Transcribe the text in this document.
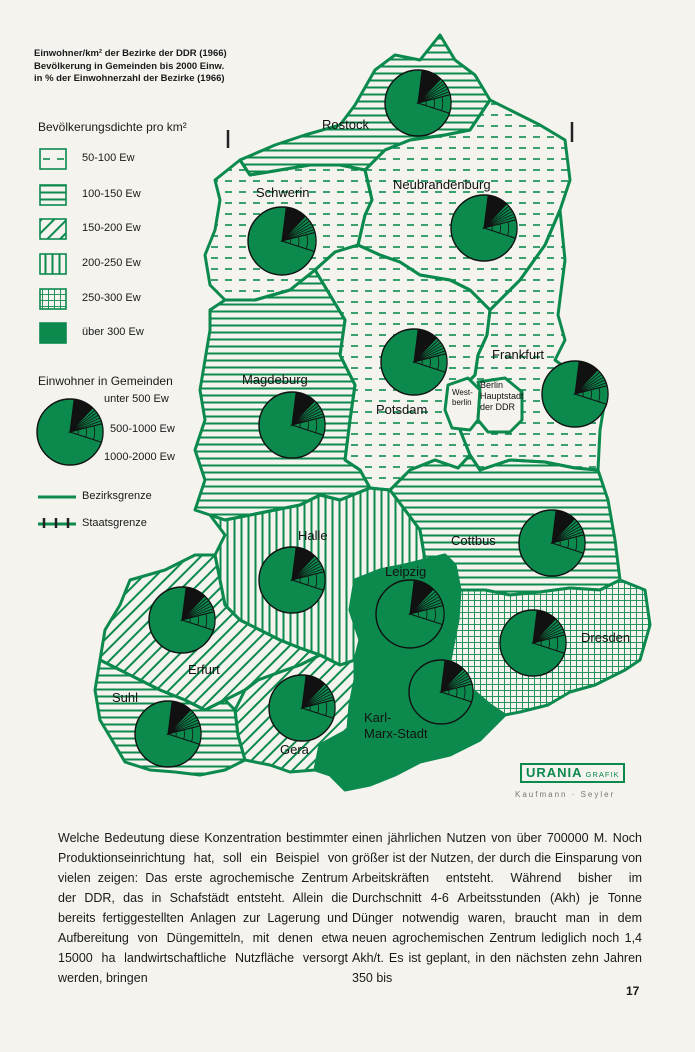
Einwohner/km² der Bezirke der DDR (1966)
Bevölkerung in Gemeinden bis 2000 Einw.
in % der Einwohnerzahl der Bezirke (1966)
Bevölkerungsdichte pro km²
50-100 Ew
100-150 Ew
150-200 Ew
200-250 Ew
250-300 Ew
über 300 Ew
Einwohner in Gemeinden
unter 500 Ew
500-1000 Ew
1000-2000 Ew
Bezirksgrenze
Staatsgrenze
Rostock
Schwerin
Neubrandenburg
Potsdam
Frankfurt
Magdeburg
Cottbus
Halle
Leipzig
Dresden
Erfurt
Gera
Suhl
Karl-
Marx-Stadt
West-
berlin
Berlin
Hauptstadt
der DDR
URANIA GRAFIK
Kaufmann · Seyler

Welche Bedeutung diese Konzentration bestimmter Produktionseinrichtung hat, soll ein Beispiel von vielen zeigen: Das erste agrochemische Zentrum der DDR, das in Schafstädt entsteht. Allein die bereits fertiggestellten Anlagen zur Lagerung und Aufbereitung von Düngemitteln, mit denen etwa 15000 ha landwirtschaftliche Nutzfläche versorgt werden, bringen

einen jährlichen Nutzen von über 700000 M. Noch größer ist der Nutzen, der durch die Einsparung von Arbeitskräften entsteht. Während bisher im Durchschnitt 4-6 Arbeitsstunden (Akh) je Tonne Dünger notwendig waren, braucht man in dem neuen agrochemischen Zentrum lediglich noch 1,4 Akh/t. Es ist geplant, in den nächsten zehn Jahren 350 bis

17
